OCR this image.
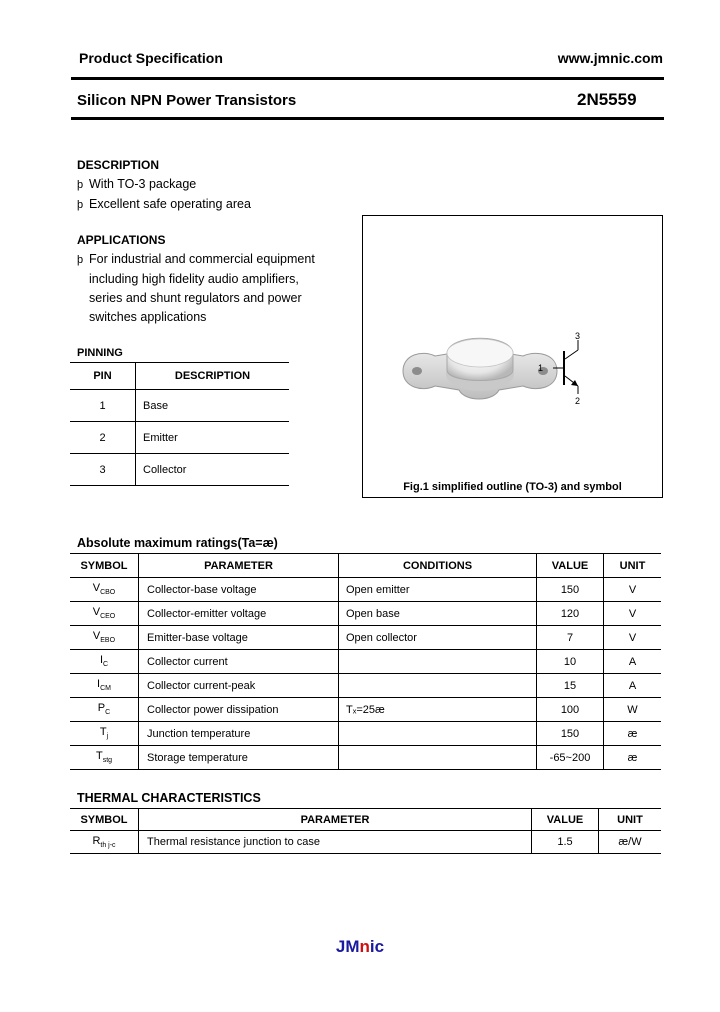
Product Specification	www.jmnic.com
Silicon NPN Power Transistors	2N5559
DESCRIPTION
þ With TO-3 package
þ Excellent safe operating area
APPLICATIONS
þ For industrial and commercial equipment
including high fidelity audio amplifiers,
series and shunt regulators and power
switches applications
PINNING
PIN	DESCRIPTION
1	Base
2	Emitter
3	Collector
1
2
3
Fig.1 simplified outline (TO-3) and symbol
Absolute maximum ratings(Ta=æ)
SYMBOL	PARAMETER	CONDITIONS	VALUE	UNIT
$V_{CBO}$	Collector-base voltage	Open emitter	150	V
$V_{CEO}$	Collector-emitter voltage	Open base	120	V
$V_{EBO}$	Emitter-base voltage	Open collector	7	V
$I_C$	Collector current		10	A
$I_{CM}$	Collector current-peak		15	A
$P_C$	Collector power dissipation	Tₓ=25æ	100	W
$T_j$	Junction temperature		150	æ
$T_{stg}$	Storage temperature		-65~200	æ
THERMAL CHARACTERISTICS
SYMBOL	PARAMETER	VALUE	UNIT
$R_{th j-c}$	Thermal resistance junction to case	1.5	æ/W
JMnic
